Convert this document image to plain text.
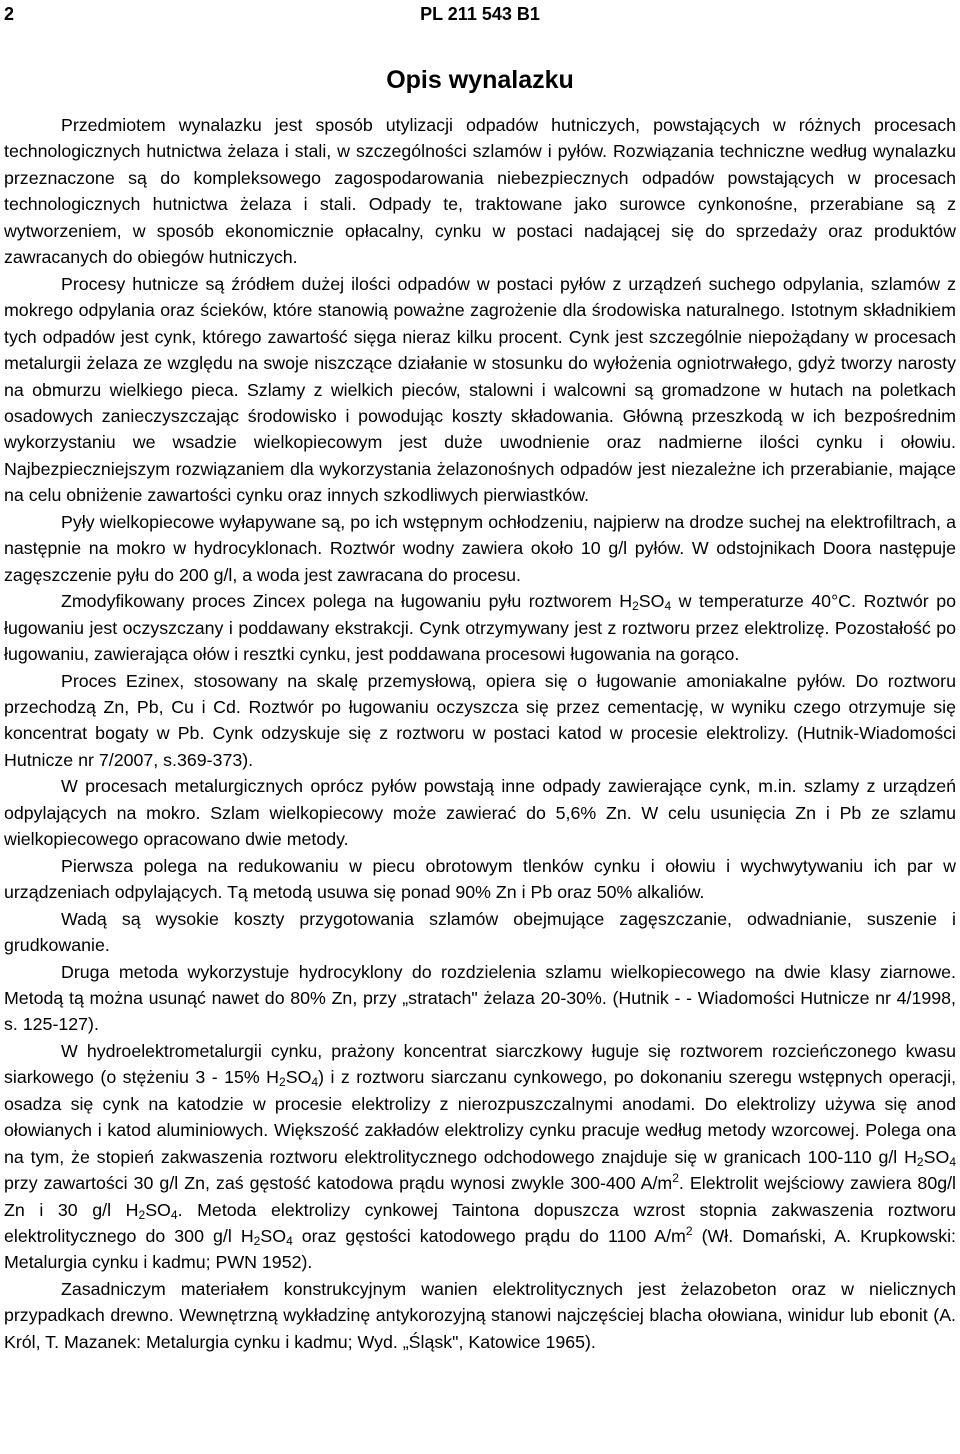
2	PL 211 543 B1
Opis wynalazku

Przedmiotem wynalazku jest sposób utylizacji odpadów hutniczych, powstających w różnych procesach technologicznych hutnictwa żelaza i stali, w szczególności szlamów i pyłów. Rozwiązania techniczne według wynalazku przeznaczone są do kompleksowego zagospodarowania niebezpiecznych odpadów powstających w procesach technologicznych hutnictwa żelaza i stali. Odpady te, traktowane jako surowce cynkonośne, przerabiane są z wytworzeniem, w sposób ekonomicznie opłacalny, cynku w postaci nadającej się do sprzedaży oraz produktów zawracanych do obiegów hutniczych.

Procesy hutnicze są źródłem dużej ilości odpadów w postaci pyłów z urządzeń suchego odpylania, szlamów z mokrego odpylania oraz ścieków, które stanowią poważne zagrożenie dla środowiska naturalnego. Istotnym składnikiem tych odpadów jest cynk, którego zawartość sięga nieraz kilku procent. Cynk jest szczególnie niepożądany w procesach metalurgii żelaza ze względu na swoje niszczące działanie w stosunku do wyłożenia ogniotrwałego, gdyż tworzy narosty na obmurzu wielkiego pieca. Szlamy z wielkich pieców, stalowni i walcowni są gromadzone w hutach na poletkach osadowych zanieczyszczając środowisko i powodując koszty składowania. Główną przeszkodą w ich bezpośrednim wykorzystaniu we wsadzie wielkopiecowym jest duże uwodnienie oraz nadmierne ilości cynku i ołowiu. Najbezpieczniejszym rozwiązaniem dla wykorzystania żelazonośnych odpadów jest niezależne ich przerabianie, mające na celu obniżenie zawartości cynku oraz innych szkodliwych pierwiastków.

Pyły wielkopiecowe wyłapywane są, po ich wstępnym ochłodzeniu, najpierw na drodze suchej na elektrofiltrach, a następnie na mokro w hydrocyklonach. Roztwór wodny zawiera około 10 g/l pyłów. W odstojnikach Doora następuje zagęszczenie pyłu do 200 g/l, a woda jest zawracana do procesu.

Zmodyfikowany proces Zincex polega na ługowaniu pyłu roztworem $H_2SO_4$ w temperaturze 40°C. Roztwór po ługowaniu jest oczyszczany i poddawany ekstrakcji. Cynk otrzymywany jest z roztworu przez elektrolizę. Pozostałość po ługowaniu, zawierająca ołów i resztki cynku, jest poddawana procesowi ługowania na gorąco.

Proces Ezinex, stosowany na skalę przemysłową, opiera się o ługowanie amoniakalne pyłów. Do roztworu przechodzą Zn, Pb, Cu i Cd. Roztwór po ługowaniu oczyszcza się przez cementację, w wyniku czego otrzymuje się koncentrat bogaty w Pb. Cynk odzyskuje się z roztworu w postaci katod w procesie elektrolizy. (Hutnik-Wiadomości Hutnicze nr 7/2007, s.369-373).

W procesach metalurgicznych oprócz pyłów powstają inne odpady zawierające cynk, m.in. szlamy z urządzeń odpylających na mokro. Szlam wielkopiecowy może zawierać do 5,6% Zn. W celu usunięcia Zn i Pb ze szlamu wielkopiecowego opracowano dwie metody.

Pierwsza polega na redukowaniu w piecu obrotowym tlenków cynku i ołowiu i wychwytywaniu ich par w urządzeniach odpylających. Tą metodą usuwa się ponad 90% Zn i Pb oraz 50% alkaliów.

Wadą są wysokie koszty przygotowania szlamów obejmujące zagęszczanie, odwadnianie, suszenie i grudkowanie.

Druga metoda wykorzystuje hydrocyklony do rozdzielenia szlamu wielkopiecowego na dwie klasy ziarnowe. Metodą tą można usunąć nawet do 80% Zn, przy „stratach" żelaza 20-30%. (Hutnik - - Wiadomości Hutnicze nr 4/1998, s. 125-127).

W hydroelektrometalurgii cynku, prażony koncentrat siarczkowy ługuje się roztworem rozcieńczonego kwasu siarkowego (o stężeniu 3 - 15% $H_2SO_4$) i z roztworu siarczanu cynkowego, po dokonaniu szeregu wstępnych operacji, osadza się cynk na katodzie w procesie elektrolizy z nierozpuszczalnymi anodami. Do elektrolizy używa się anod ołowianych i katod aluminiowych. Większość zakładów elektrolizy cynku pracuje według metody wzorcowej. Polega ona na tym, że stopień zakwaszenia roztworu elektrolitycznego odchodowego znajduje się w granicach 100-110 g/l $H_2SO_4$ przy zawartości 30 g/l Zn, zaś gęstość katodowa prądu wynosi zwykle 300-400 $A/m^2$. Elektrolit wejściowy zawiera 80g/l Zn i 30 g/l $H_2SO_4$. Metoda elektrolizy cynkowej Taintona dopuszcza wzrost stopnia zakwaszenia roztworu elektrolitycznego do 300 g/l $H_2SO_4$ oraz gęstości katodowego prądu do 1100 $A/m^2$ (Wł. Domański, A. Krupkowski: Metalurgia cynku i kadmu; PWN 1952).

Zasadniczym materiałem konstrukcyjnym wanien elektrolitycznych jest żelazobeton oraz w nielicznych przypadkach drewno. Wewnętrzną wykładzinę antykorozyjną stanowi najczęściej blacha ołowiana, winidur lub ebonit (A. Król, T. Mazanek: Metalurgia cynku i kadmu; Wyd. „Śląsk", Katowice 1965).
